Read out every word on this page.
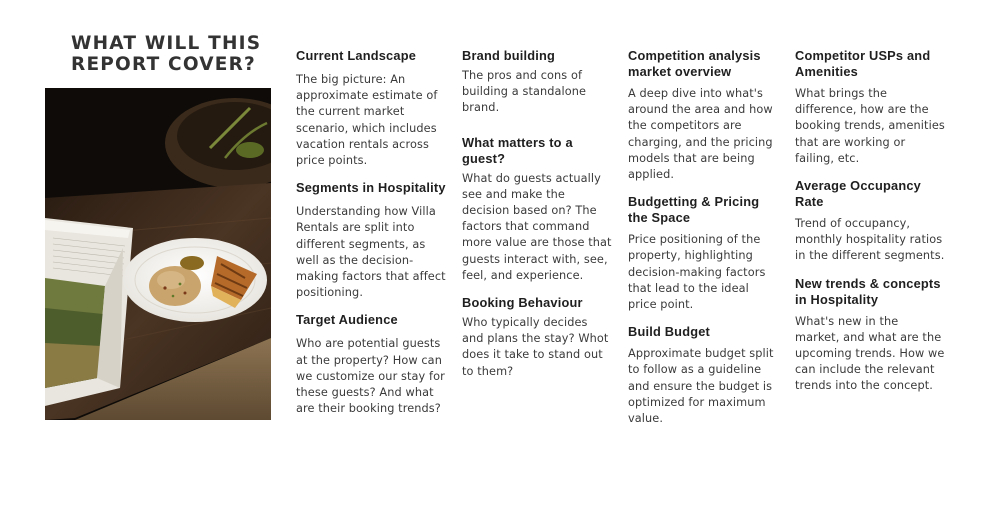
WHAT WILL THIS REPORT COVER?	Current Landscape

The big picture: An approximate estimate of the current market scenario, which includes vacation rentals across price points.

Segments in Hospitality

Understanding how Villa Rentals are split into different segments, as well as the decision-making factors that affect positioning.

Target Audience

Who are potential guests at the property? How can we customize our stay for these guests? And what are their booking trends?

Brand building

The pros and cons of building a standalone brand.

What matters to a guest?

What do guests actually see and make the decision based on? The factors that command more value are those that guests interact with, see, feel, and experience.

Booking Behaviour

Who typically decides and plans the stay? Whot does it take to stand out to them?

Competition analysis market overview

A deep dive into what's around the area and how the competitors are charging, and the pricing models that are being applied.

Budgetting & Pricing the Space

Price positioning of the property, highlighting decision-making factors that lead to the ideal price point.

Build Budget

Approximate budget split to follow as a guideline and ensure the budget is optimized for maximum value.

Competitor USPs and Amenities

What brings the difference, how are the booking trends, amenities that are working or failing, etc.

Average Occupancy Rate

Trend of occupancy, monthly hospitality ratios in the different segments.

New trends & concepts in Hospitality

What's new in the market, and what are the upcoming trends. How we can include the relevant trends into the concept.
